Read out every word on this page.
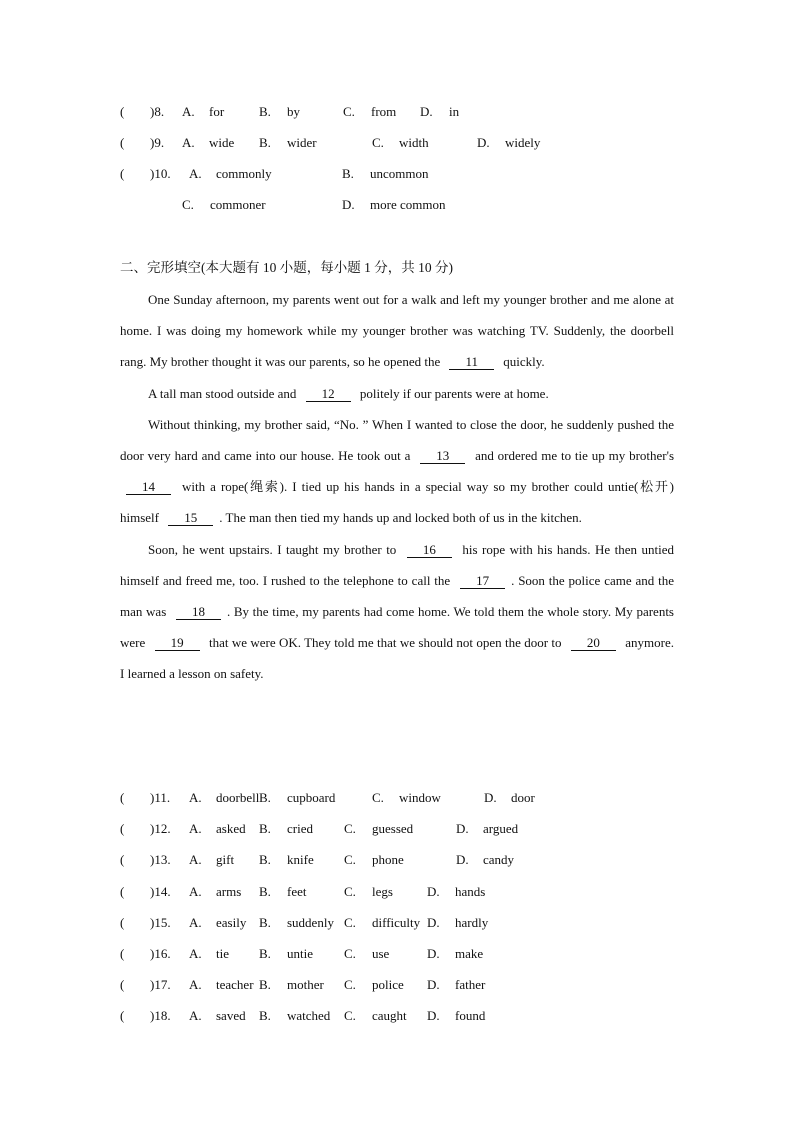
( )8. A. for	B. by	C. from D. in
( )9. A. wide B. wider	C. width	D. widely
( )10. A. commonly	B. uncommon
C. commoner	D. more common
二、完形填空(本大题有 10 小题，每小题 1 分，共 10 分)

One Sunday afternoon, my parents went out for a walk and left my younger brother and me alone at home. I was doing my homework while my younger brother was watching TV. Suddenly, the doorbell rang. My brother thought it was our parents, so he opened the 11 quickly.

A tall man stood outside and 12 politely if our parents were at home.

Without thinking, my brother said, “No. ” When I wanted to close the door, he suddenly pushed the door very hard and came into our house. He took out a 13 and ordered me to tie up my brother's 14 with a rope(绳索). I tied up his hands in a special way so my brother could untie(松开) himself 15 . The man then tied my hands up and locked both of us in the kitchen.

Soon, he went upstairs. I taught my brother to 16 his rope with his hands. He then untied himself and freed me, too. I rushed to the telephone to call the 17 . Soon the police came and the man was 18 . By the time, my parents had come home. We told them the whole story. My parents were 19 that we were OK. They told me that we should not open the door to 20 anymore. I learned a lesson on safety.

( )11. A. doorbell B. cupboard	C. window	D. door
( )12. A. asked B. cried C. guessed	D. argued
( )13. A. gift B. knife C. phone	D. candy
( )14. A. arms B. feet	C. legs	D. hands
( )15. A. easily B. suddenly C. difficulty D. hardly
( )16. A. tie B. untie C. use	D. make
( )17. A. teacher B. mother C. police D. father
( )18. A. saved B. watched C. caught D. found
